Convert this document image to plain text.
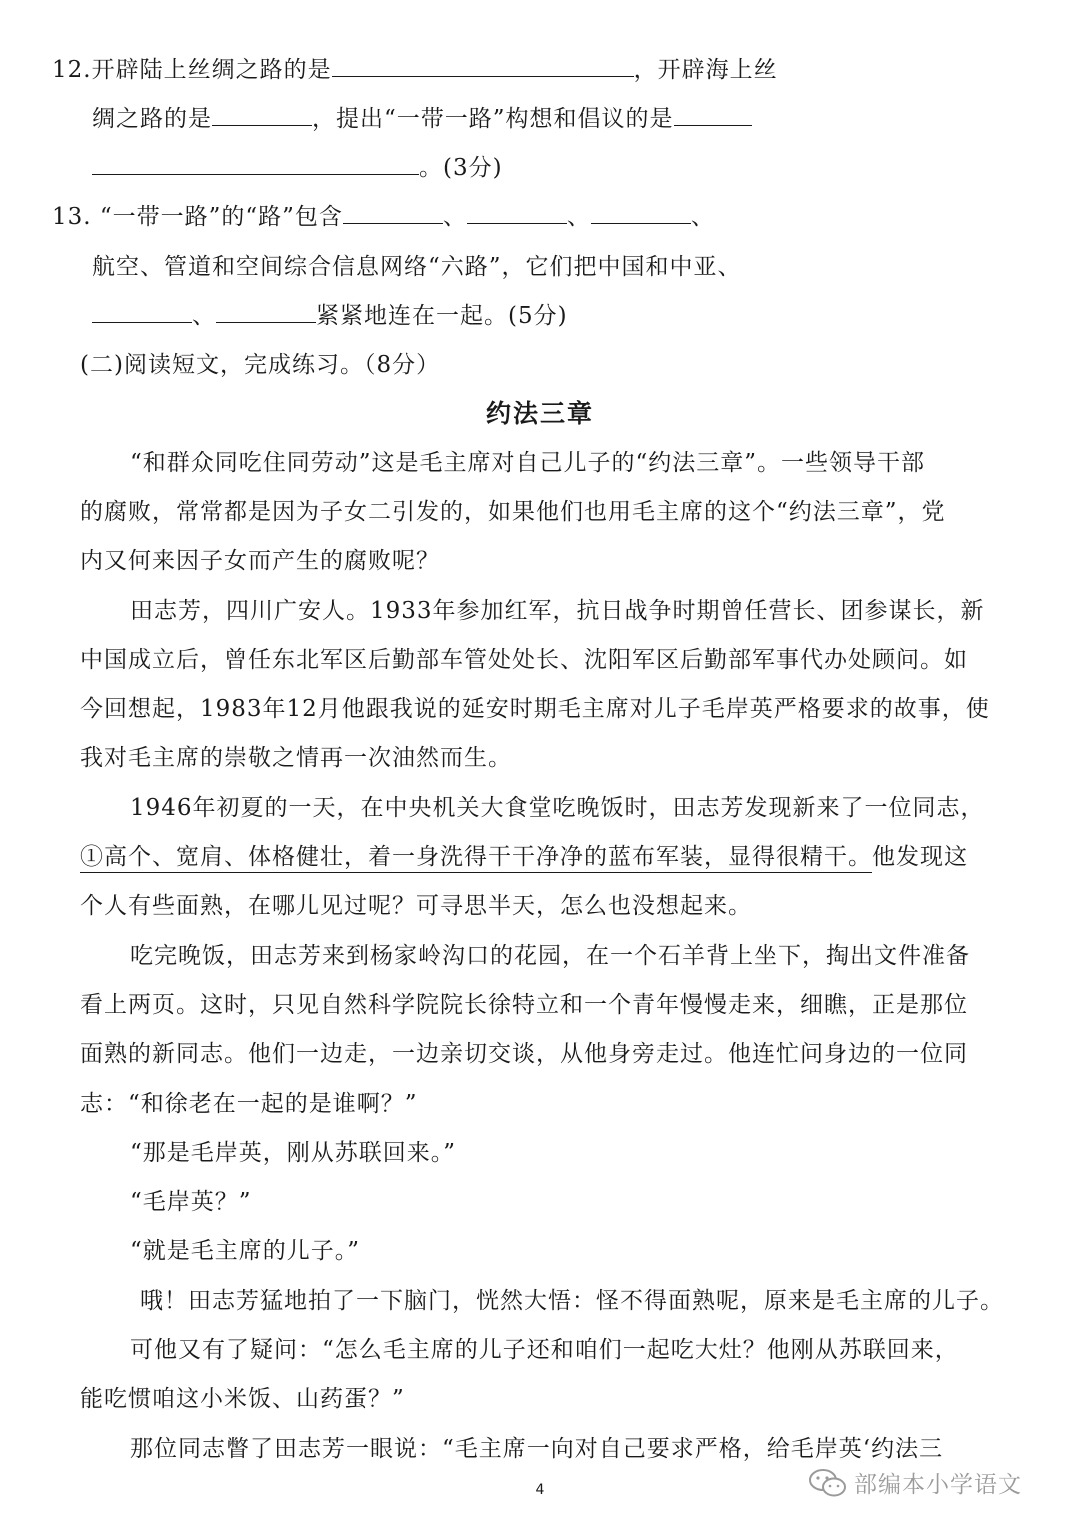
12.开辟陆上丝绸之路的是	，开辟海上丝
绸之路的是	，提出“一带一路”构想和倡议的是
。(3分)
13. “一带一路”的“路”包含	、	、	、
航空、管道和空间综合信息网络“六路”，它们把中国和中亚、
、	紧紧地连在一起。(5分)
(二)阅读短文，完成练习。（8分）
约法三章
“和群众同吃住同劳动”这是毛主席对自己儿子的“约法三章”。一些领导干部
的腐败，常常都是因为子女二引发的，如果他们也用毛主席的这个“约法三章”，党
内又何来因子女而产生的腐败呢？
田志芳，四川广安人。1933年参加红军，抗日战争时期曾任营长、团参谋长，新
中国成立后，曾任东北军区后勤部车管处处长、沈阳军区后勤部军事代办处顾问。如
今回想起，1983年12月他跟我说的延安时期毛主席对儿子毛岸英严格要求的故事，使
我对毛主席的崇敬之情再一次油然而生。
1946年初夏的一天，在中央机关大食堂吃晚饭时，田志芳发现新来了一位同志，
①高个、宽肩、体格健壮，着一身洗得干干净净的蓝布军装，显得很精干。他发现这
个人有些面熟，在哪儿见过呢？可寻思半天，怎么也没想起来。
吃完晚饭，田志芳来到杨家岭沟口的花园，在一个石羊背上坐下，掏出文件准备
看上两页。这时，只见自然科学院院长徐特立和一个青年慢慢走来，细瞧，正是那位
面熟的新同志。他们一边走，一边亲切交谈，从他身旁走过。他连忙问身边的一位同
志：“和徐老在一起的是谁啊？”
“那是毛岸英，刚从苏联回来。”
“毛岸英？”
“就是毛主席的儿子。”
哦！田志芳猛地拍了一下脑门，恍然大悟：怪不得面熟呢，原来是毛主席的儿子。
可他又有了疑问：“怎么毛主席的儿子还和咱们一起吃大灶？他刚从苏联回来，
能吃惯咱这小米饭、山药蛋？”
那位同志瞥了田志芳一眼说：“毛主席一向对自己要求严格，给毛岸英‘约法三
4	部编本小学语文
